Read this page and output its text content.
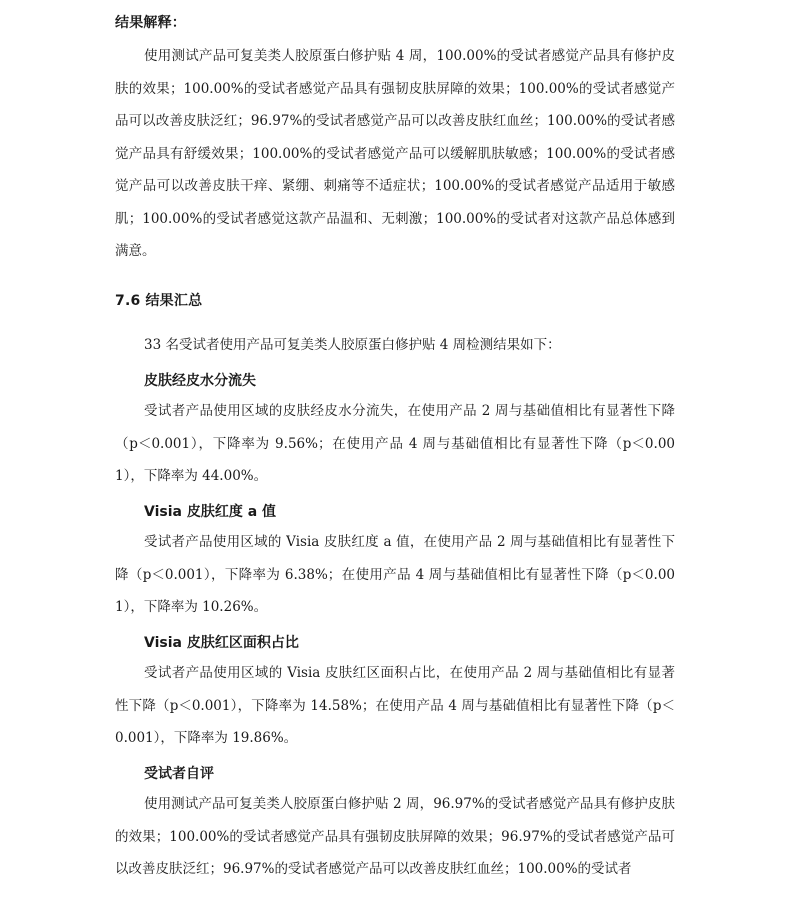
结果解释：
使用测试产品可复美类人胶原蛋白修护贴 4 周，100.00%的受试者感觉产品具有修护皮肤的效果；100.00%的受试者感觉产品具有强韧皮肤屏障的效果；100.00%的受试者感觉产品可以改善皮肤泛红；96.97%的受试者感觉产品可以改善皮肤红血丝；100.00%的受试者感觉产品具有舒缓效果；100.00%的受试者感觉产品可以缓解肌肤敏感；100.00%的受试者感觉产品可以改善皮肤干痒、紧绷、刺痛等不适症状；100.00%的受试者感觉产品适用于敏感肌；100.00%的受试者感觉这款产品温和、无刺激；100.00%的受试者对这款产品总体感到满意。
7.6 结果汇总
33 名受试者使用产品可复美类人胶原蛋白修护贴 4 周检测结果如下：
皮肤经皮水分流失
受试者产品使用区域的皮肤经皮水分流失，在使用产品 2 周与基础值相比有显著性下降（p＜0.001），下降率为 9.56%；在使用产品 4 周与基础值相比有显著性下降（p＜0.001），下降率为 44.00%。
Visia 皮肤红度 a 值
受试者产品使用区域的 Visia 皮肤红度 a 值，在使用产品 2 周与基础值相比有显著性下降（p＜0.001），下降率为 6.38%；在使用产品 4 周与基础值相比有显著性下降（p＜0.001），下降率为 10.26%。
Visia 皮肤红区面积占比
受试者产品使用区域的 Visia 皮肤红区面积占比，在使用产品 2 周与基础值相比有显著性下降（p＜0.001），下降率为 14.58%；在使用产品 4 周与基础值相比有显著性下降（p＜0.001），下降率为 19.86%。
受试者自评
使用测试产品可复美类人胶原蛋白修护贴 2 周，96.97%的受试者感觉产品具有修护皮肤的效果；100.00%的受试者感觉产品具有强韧皮肤屏障的效果；96.97%的受试者感觉产品可以改善皮肤泛红；96.97%的受试者感觉产品可以改善皮肤红血丝；100.00%的受试者
